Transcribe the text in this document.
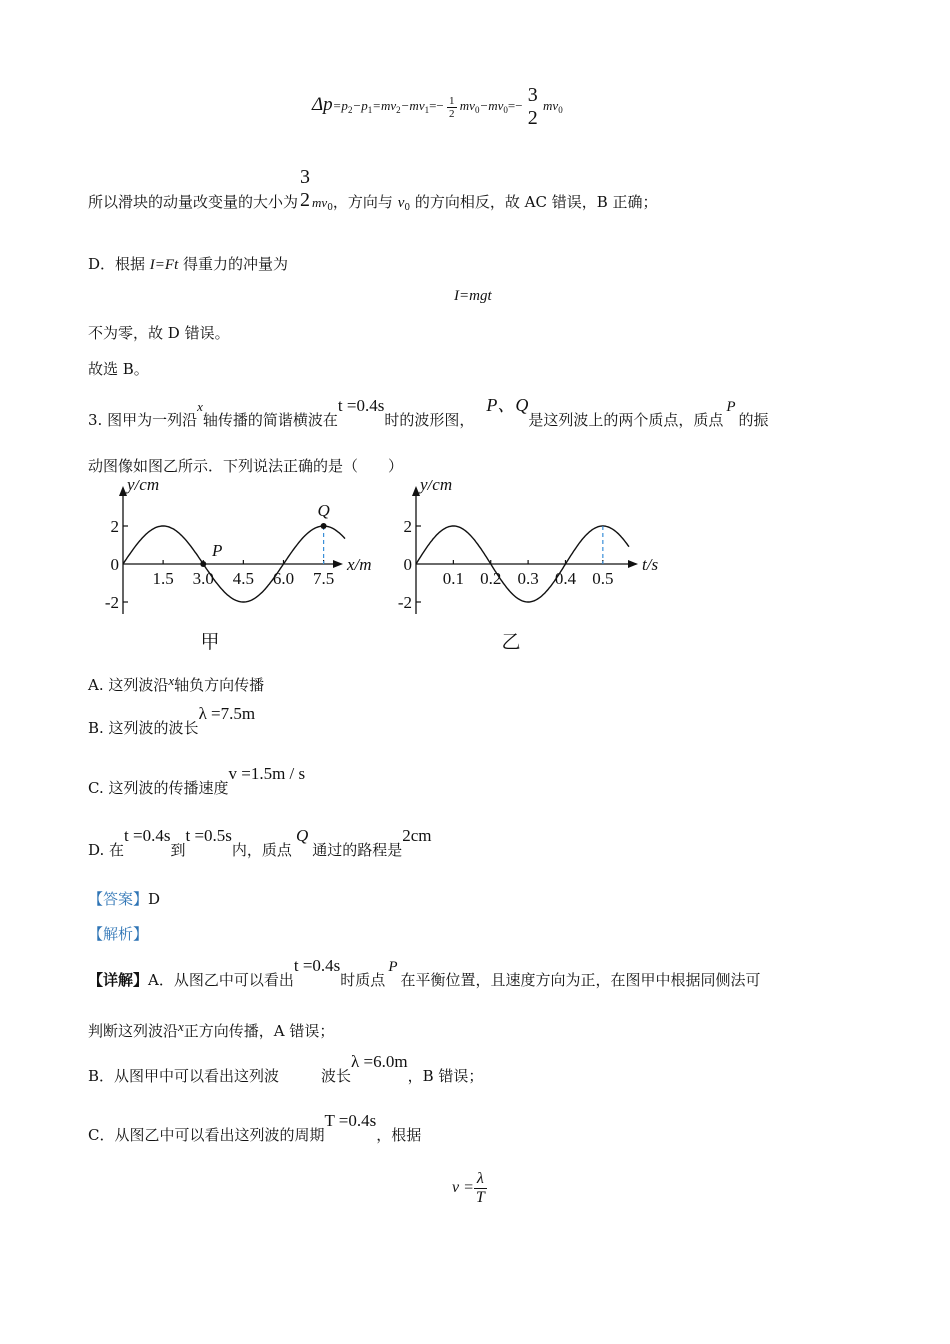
$\Delta p=p_2-p_1=mv_2-mv_1=- \frac{1}{2} mv_0-mv_0=- 3$
2
$mv_0$
所以滑块的动量改变量的大小为
3
2 $mv_0$，方向与 $v_0$ 的方向相反，故 AC 错误，B 正确；
D．根据 I=Ft 得重力的冲量为
I=mgt
不为零，故 D 错误。
故选 B。
3. 图甲为一列沿x轴传播的简谐横波在t =0.4s时的波形图，P、Q是这列波上的两个质点，质点P的振
动图像如图乙所示．下列说法正确的是（　　）
2
0
-2
1.5 3.0 4.5 6.0 7.5
y/cm
x/m
P
Q
甲
2
0
-2
0.1 0.2 0.3 0.4 0.5
y/cm
t/s
乙
A. 这列波沿x轴负方向传播
B. 这列波的波长λ =7.5m
C. 这列波的传播速度v =1.5m / s
D. 在t =0.4s到t =0.5s内，质点Q通过的路程是2cm
【答案】D
【解析】
【详解】A．从图乙中可以看出t =0.4s时质点P在平衡位置，且速度方向为正，在图甲中根据同侧法可
判断这列波沿x正方向传播，A 错误；
B．从图甲中可以看出这列波	波长λ =6.0m，B 错误；
C．从图乙中可以看出这列波的周期T =0.4s，根据
$v = \frac{\lambda}{T}$
